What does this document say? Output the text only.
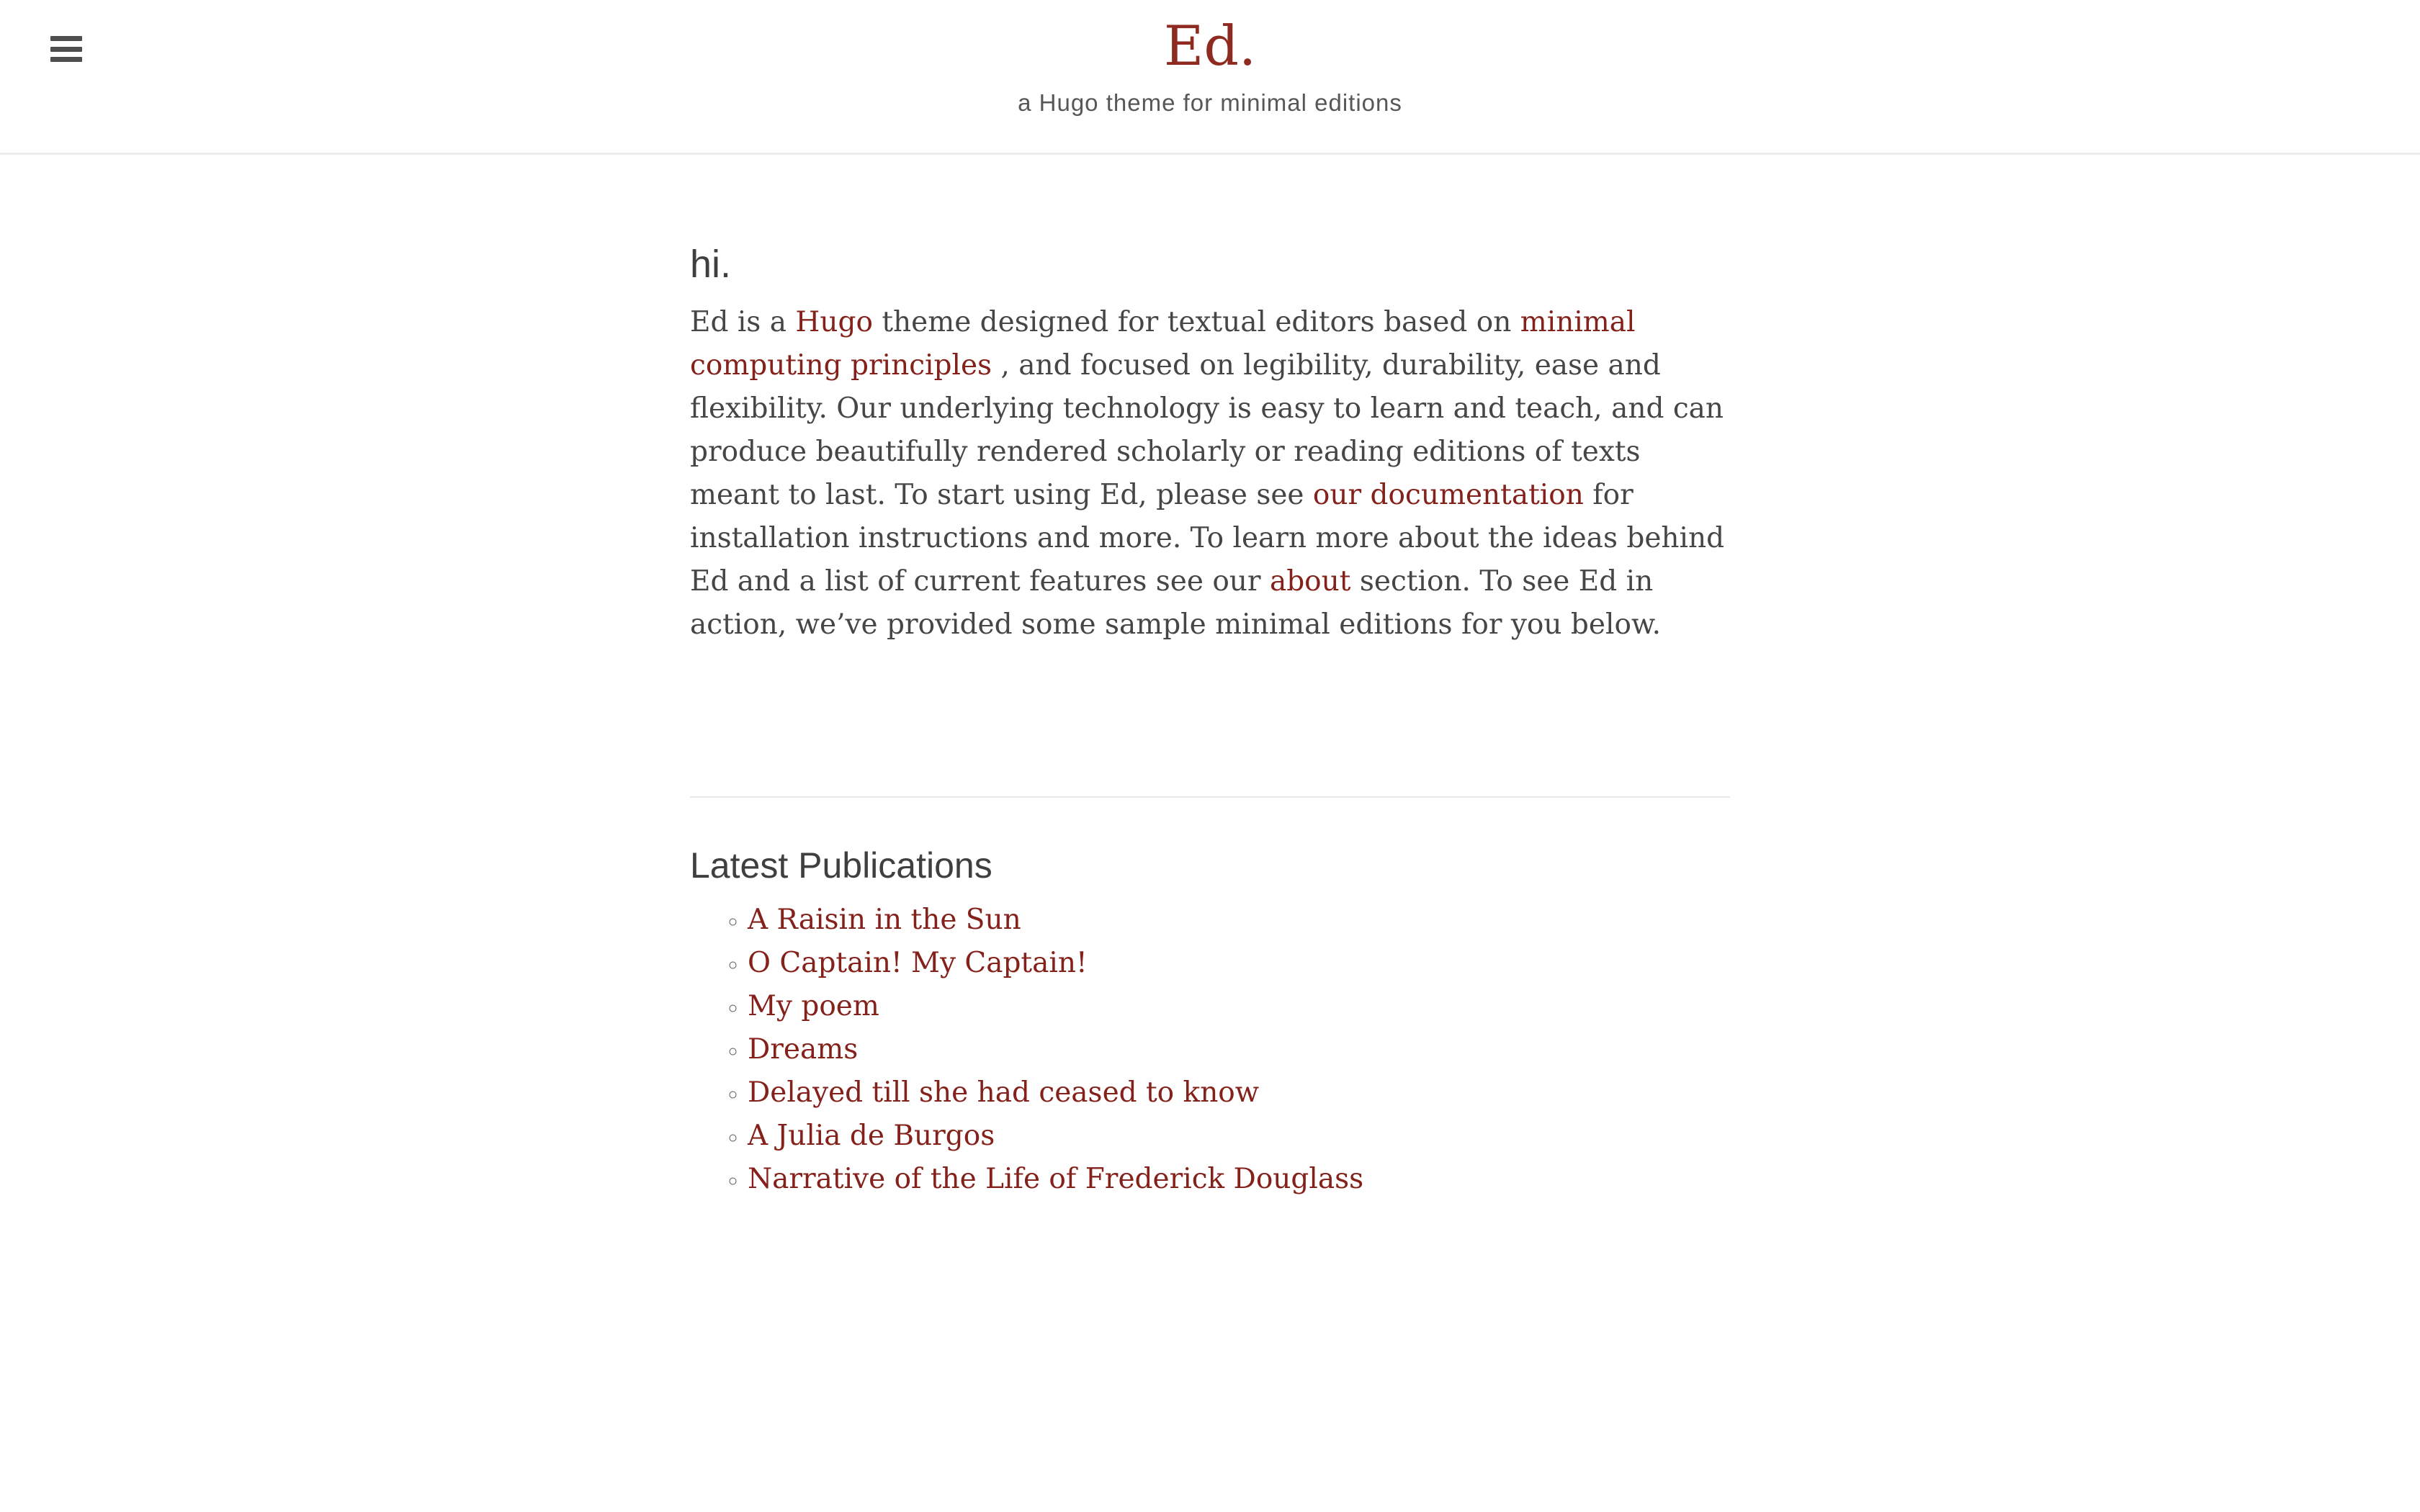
Ed.

a Hugo theme for minimal editions

hi.

Ed is a Hugo theme designed for textual editors based on minimal computing principles , and focused on legibility, durability, ease and flexibility. Our underlying technology is easy to learn and teach, and can produce beautifully rendered scholarly or reading editions of texts meant to last. To start using Ed, please see our documentation for installation instructions and more. To learn more about the ideas behind Ed and a list of current features see our about section. To see Ed in action, we’ve provided some sample minimal editions for you below.

Latest Publications
◦ A Raisin in the Sun
◦ O Captain! My Captain!
◦ My poem
◦ Dreams
◦ Delayed till she had ceased to know
◦ A Julia de Burgos
◦ Narrative of the Life of Frederick Douglass
